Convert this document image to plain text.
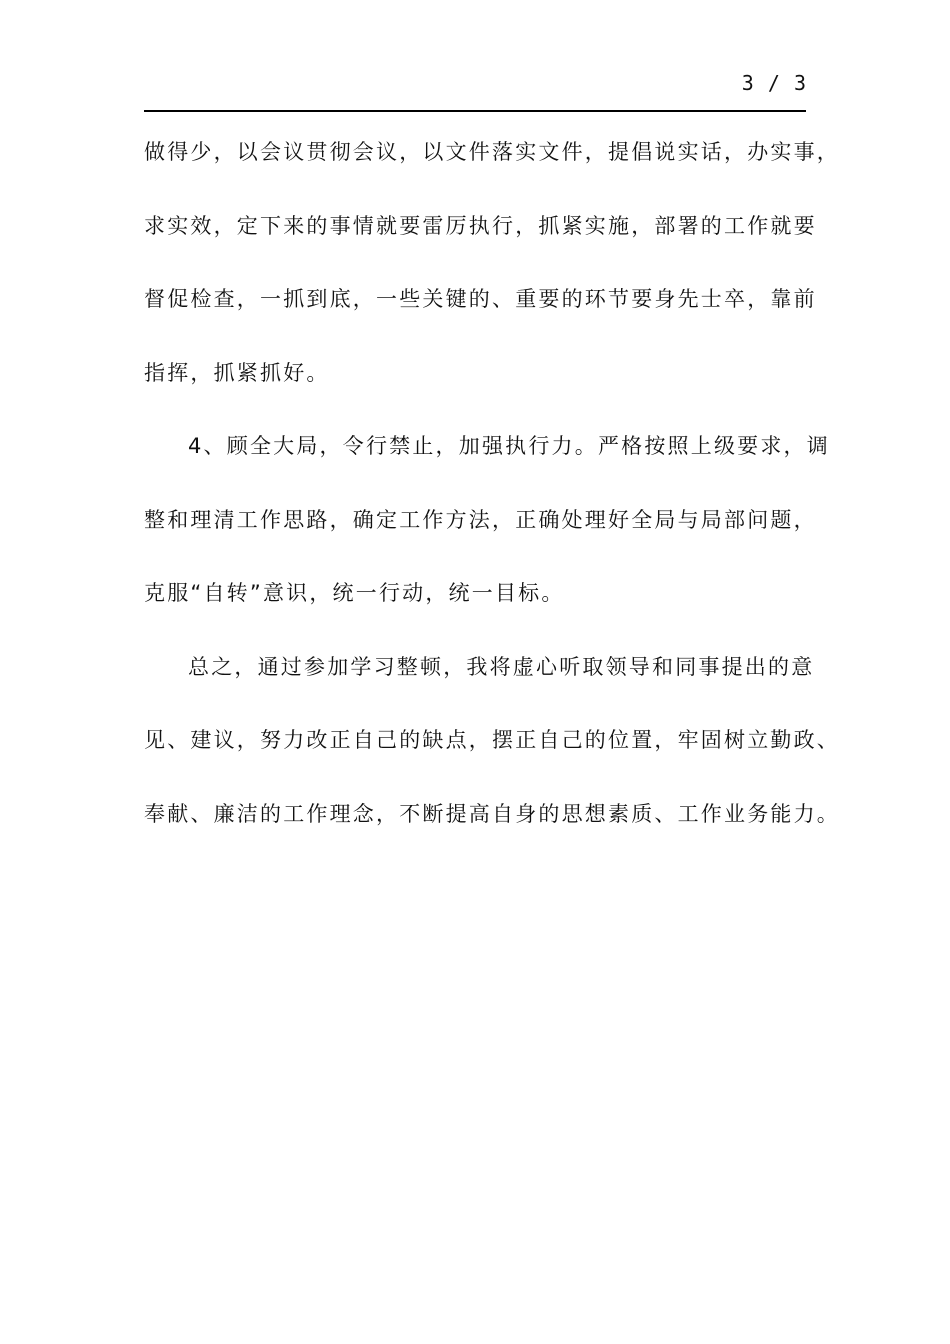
3 / 3
做得少，以会议贯彻会议，以文件落实文件，提倡说实话，办实事，
求实效，定下来的事情就要雷厉执行，抓紧实施，部署的工作就要
督促检查，一抓到底，一些关键的、重要的环节要身先士卒，靠前
指挥，抓紧抓好。
4、顾全大局，令行禁止，加强执行力。严格按照上级要求，调
整和理清工作思路，确定工作方法，正确处理好全局与局部问题，
克服“自转”意识，统一行动，统一目标。
总之，通过参加学习整顿，我将虚心听取领导和同事提出的意
见、建议，努力改正自己的缺点，摆正自己的位置，牢固树立勤政、
奉献、廉洁的工作理念，不断提高自身的思想素质、工作业务能力。
